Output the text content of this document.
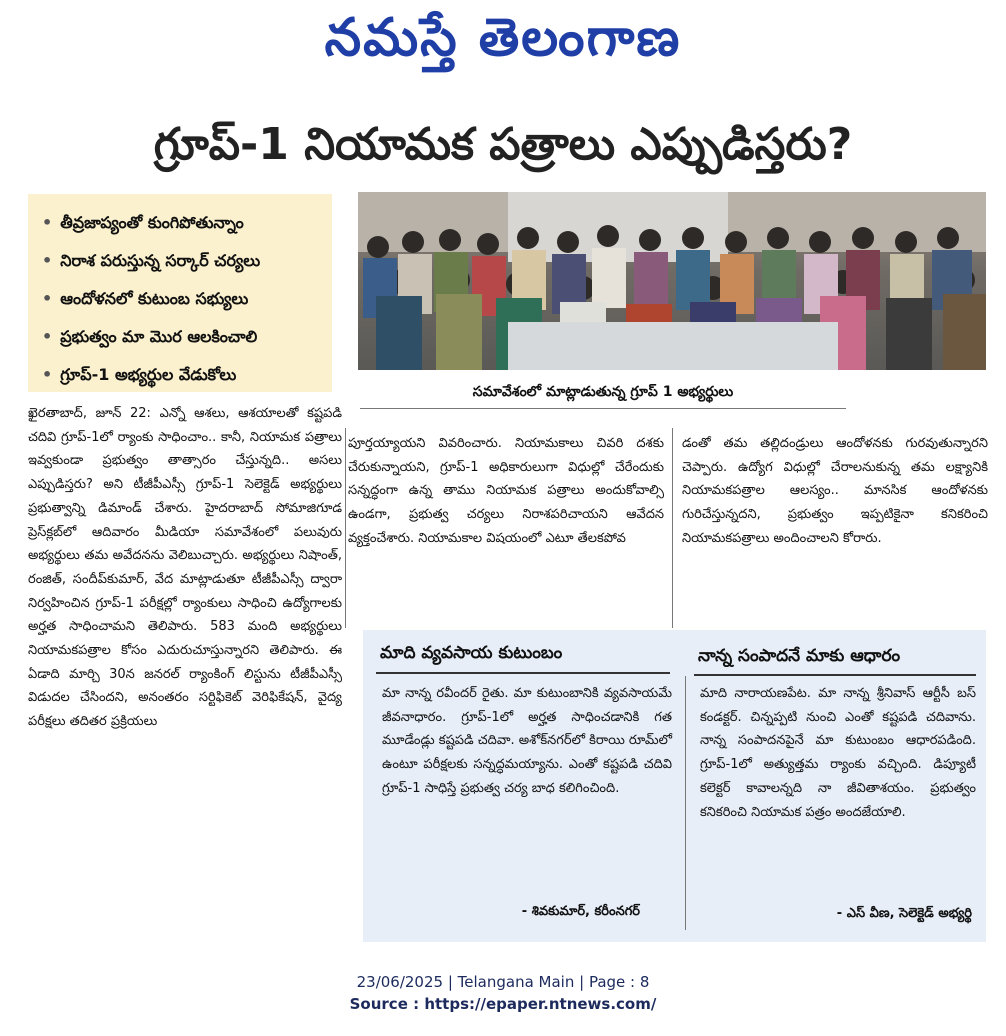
నమస్తే తెలంగాణ
గ్రూప్-1 నియామక పత్రాలు ఎప్పుడిస్తరు?
• తీవ్రజాప్యంతో కుంగిపోతున్నాం
• నిరాశ పరుస్తున్న సర్కార్ చర్యలు
• ఆందోళనలో కుటుంబ సభ్యులు
• ప్రభుత్వం మా మొర ఆలకించాలి
• గ్రూప్-1 అభ్యర్థుల వేడుకోలు
సమావేశంలో మాట్లాడుతున్న గ్రూప్ 1 అభ్యర్థులు

ఖైరతాబాద్, జూన్ 22: ఎన్నో ఆశలు, ఆశయాలతో కష్టపడి చదివి గ్రూప్-1లో ర్యాంకు సాధించాం.. కానీ, నియామక పత్రాలు ఇవ్వకుండా ప్రభుత్వం తాత్సారం చేస్తున్నది.. అసలు ఎప్పుడిస్తరు? అని టీజీపీఎస్సీ గ్రూప్-1 సెలెక్టెడ్ అభ్యర్థులు ప్రభుత్వాన్ని డిమాండ్ చేశారు. హైదరాబాద్ సోమాజిగూడ ప్రెస్‌క్లబ్‌లో ఆదివారం మీడియా సమావేశంలో పలువురు అభ్యర్థులు తమ అవేదనను వెలిబుచ్చారు. అభ్యర్థులు నిషాంత్, రంజిత్, సందీప్‌కుమార్, వేద మాట్లాడుతూ టీజీపీఎస్సీ ద్వారా నిర్వహించిన గ్రూప్-1 పరీక్షల్లో ర్యాంకులు సాధించి ఉద్యోగాలకు అర్హత సాధించామని తెలిపారు. 583 మంది అభ్యర్థులు నియామకపత్రాల కోసం ఎదురుచూస్తున్నారని తెలిపారు. ఈ ఏడాది మార్చి 30న జనరల్ ర్యాంకింగ్ లిస్టును టీజీపీఎస్సీ విడుదల చేసిందని, అనంతరం సర్టిఫికెట్ వెరిఫికేషన్, వైద్య పరీక్షలు తదితర ప్రక్రియలు

పూర్తయ్యాయని వివరించారు. నియామకాలు చివరి దశకు చేరుకున్నాయని, గ్రూప్-1 అధికారులుగా విధుల్లో చేరేందుకు సన్నద్ధంగా ఉన్న తాము నియామక పత్రాలు అందుకోవాల్సి ఉండగా, ప్రభుత్వ చర్యలు నిరాశపరిచాయని ఆవేదన వ్యక్తంచేశారు. నియామకాల విషయంలో ఎటూ తేలకపోవ

డంతో తమ తల్లిదండ్రులు ఆందోళనకు గురవుతున్నారని చెప్పారు. ఉద్యోగ విధుల్లో చేరాలనుకున్న తమ లక్ష్యానికి నియామకపత్రాల ఆలస్యం.. మానసిక ఆందోళనకు గురిచేస్తున్నదని, ప్రభుత్వం ఇప్పటికైనా కనికరించి నియామకపత్రాలు అందించాలని కోరారు.

మాది వ్యవసాయ కుటుంబం
మా నాన్న రవీందర్ రైతు. మా కుటుంబానికి వ్యవసాయమే జీవనాధారం. గ్రూప్-1లో అర్హత సాధించడానికి గత మూడేండ్లు కష్టపడి చదివా. అశోక్‌నగర్‌లో కిరాయి రూమ్‌లో ఉంటూ పరీక్షలకు సన్నద్ధమయ్యాను. ఎంతో కష్టపడి చదివి గ్రూప్-1 సాధిస్తే ప్రభుత్వ చర్య బాధ కలిగించింది.
- శివకుమార్, కరీంనగర్
నాన్న సంపాదనే మాకు ఆధారం
మాది నారాయణపేట. మా నాన్న శ్రీనివాస్ ఆర్టీసీ బస్ కండక్టర్. చిన్నప్పటి నుంచి ఎంతో కష్టపడి చదివాను. నాన్న సంపాదనపైనే మా కుటుంబం ఆధారపడింది. గ్రూప్-1లో అత్యుత్తమ ర్యాంకు వచ్చింది. డిప్యూటీ కలెక్టర్ కావాలన్నది నా జీవితాశయం. ప్రభుత్వం కనికరించి నియామక పత్రం అందజేయాలి.
- ఎస్ వీణ, సెలెక్టెడ్ అభ్యర్థి
23/06/2025 | Telangana Main | Page : 8
Source : https://epaper.ntnews.com/
